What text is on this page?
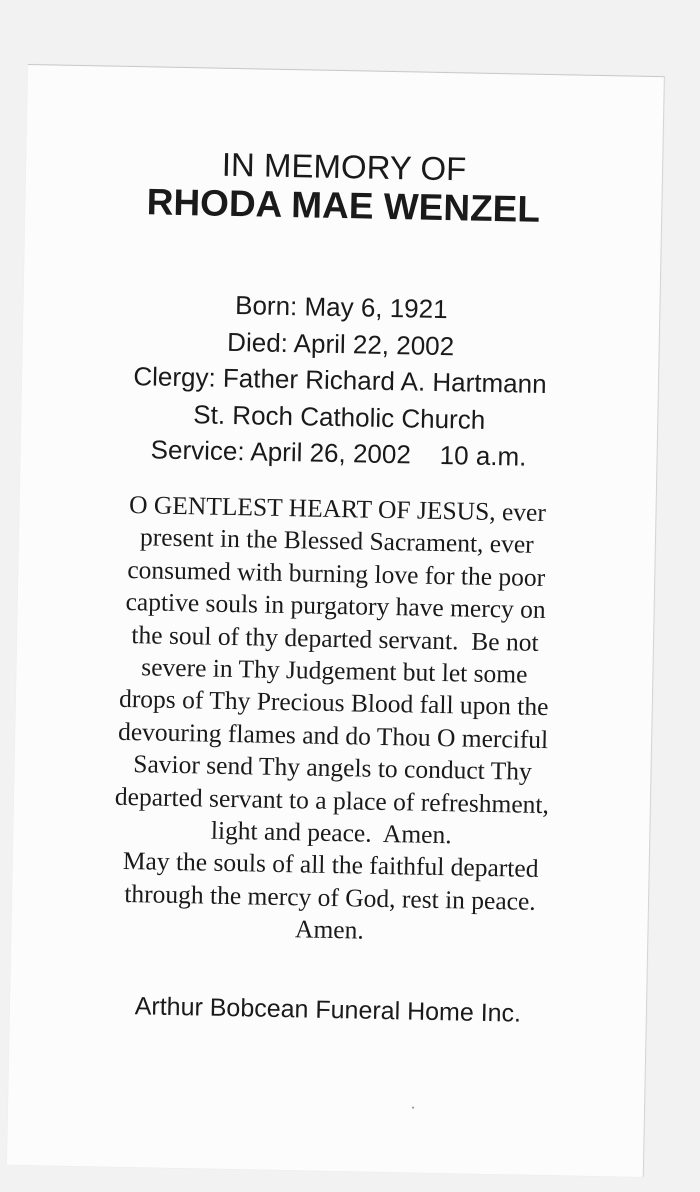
IN MEMORY OF
RHODA MAE WENZEL
Born: May 6, 1921
Died: April 22, 2002
Clergy: Father Richard A. Hartmann
St. Roch Catholic Church
Service: April 26, 2002    10 a.m.
O GENTLEST HEART OF JESUS, ever
present in the Blessed Sacrament, ever
consumed with burning love for the poor
captive souls in purgatory have mercy on
the soul of thy departed servant.  Be not
severe in Thy Judgement but let some
drops of Thy Precious Blood fall upon the
devouring flames and do Thou O merciful
Savior send Thy angels to conduct Thy
departed servant to a place of refreshment,
light and peace.  Amen.
May the souls of all the faithful departed
through the mercy of God, rest in peace.
Amen.
Arthur Bobcean Funeral Home Inc.
